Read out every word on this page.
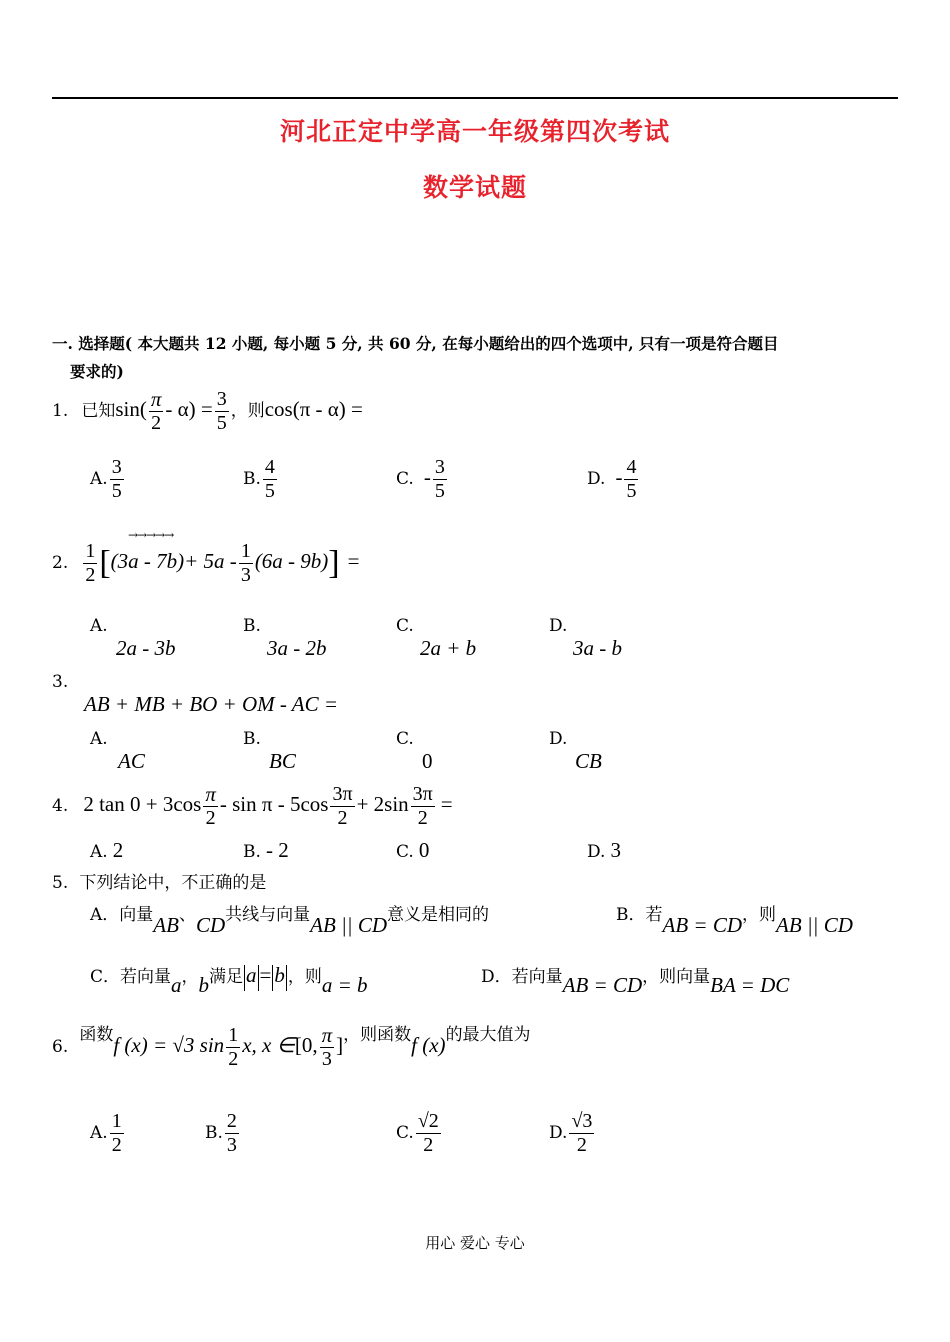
河北正定中学高一年级第四次考试
数学试题
一. 选择题( 本大题共 12 小题, 每小题 5 分, 共 60 分, 在每小题给出的四个选项中, 只有一项是符合题目
要求的)
1. 已知$\sin( \frac{\pi}{2} - \alpha) = \frac{3}{5}$ ，则cos(π - α) =
A. $\frac{3}{5}$	B. $\frac{4}{5}$	C. - $\frac{3}{5}$	D. - $\frac{4}{5}$
→→→→→
2. $\frac{1}{2} [(3a - 7b)+ 5a - \frac{1}{3} (6a - 9b)]$ =
A.
2a - 3b
B.
3a - 2b
C.
2a + b
D.
3a - b
3.
AB + MB + BO + OM - AC =
A.
AC
B.
BC
C.
0
D.
CB
4. 2 $\tan 0 + 3\cos \frac{\pi}{2} - \sin \pi - 5\cos \frac{3\pi}{2} + 2\sin \frac{3\pi}{2}$ =
A. 2	B. - 2	C. 0	D. 3
5. 下列结论中，不正确的是
A．向量AB、CD共线与向量AB || CD意义是相同的	B．若AB = CD，则AB || CD
C．若向量a，b满足 a = b ，则a = b	D．若向量AB = CD，则向量BA = DC
6. 函数f (x) = √3 $\sin \frac{1}{2} x$, x ∈[0, $\frac{\pi}{3}$ ]，则函数f (x)的最大值为
A. $\frac{1}{2}$	B. $\frac{2}{3}$	C. $\frac{√2}{2}$	D. $\frac{√3}{2}$
用心 爱心 专心
